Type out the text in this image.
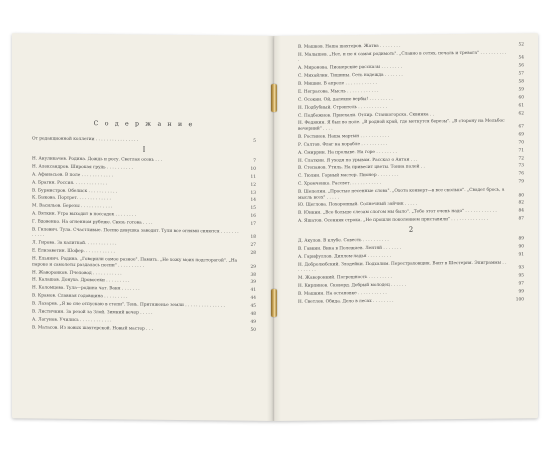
С о д е р ж а н и е
От редакционной коллегии . . . . . . . . . . . . . . . .	5
I
Н. Ануликачев. Родина. Дождь и росу. Светлая осень . . .	7
Н. Александров. Широкая грудь . . . . . . . . . .	10
А. Афанасьев. В поле . . . . . . . . . . . .	11
А. Брагин. Россия. . . . . . . . . . . . .	12
В. Бурмистров. Обелиск . . . . . . . . . . .	13
К. Быкова. Портрет. . . . . . . . . . . . .	14
М. Васильев. Березы . . . . . . . . . . . .	15
А. Вяткин. Утро выходит в поссадок . . . . . . . .	16
Г. Вдовенко. На огненном рубеже. Связь готова . . . .	17
В. Гилевич. Тула. Счастливые. Песню девушка заводит. Тули все огнями сияются . . . . . . . . . . . .	18
Л. Гирова. За калиткой. . . . . . . . . . . .	27
Е. Елизаветин. Шофер. . . . . . . . . . . .	28
Н. Ельянич. Родина. „Говорили самое разное". Память. „Не хожу моих подсторогой". „На пароке и самолеты раздалась песни" . . . . . . . . . .	29
Н. Жаворонков. Пчеловод . . . . . . . . . . .	38
Н. Калашов. Донуха. Дровосеки . . . . . . . . .	39
Н. Коломцева. Тула—родина чат. Ваня . . . . . . .	41
В. Крамов. Славная годовщина . . . . . . . . .	44
В. Лазарев. „Я во сне отпускаю в степи". Тень. Притяженье земли . . . . . . . . . . . . . . .	45
В. Листичкин. За резой за Злой. Зимний вечер . . . . .	48
А. Логунов. Учились . . . . . . . . . . . .	49
В. Матасов. Из новых шахтерской. Новый мастер . . .	50
В. Машков. Наша шахтеров. Жатва . . . . . . . .	52
Н. Малышев. „Нет, и не я самая родимоть". „Славно в сетях, печаль и тревога" . . . . . . . . . . .	54
А. Миронова. Пионерские рассказы . . . . . . . .	56
С. Михайлин. Тишины. Сеть надежда . . . . . . .	57
В. Мишин. В апреле . . . . . . . . . . . .	58
Е. Неграсова. Мысль . . . . . . . . . . . .	59
С. Осокин. Ой, далекие вербы! . . . . . . . . .	60
Н. Подбубный. Строитель . . . . . . . . . . .	61
С. Подбежнов. Приехали. Отлир. Станкогорска. Сквинка . .	62
Н. Федякин. Я был во поле. „В родной край, где меткутся березы". „В сторону на Мельбос вечерний" . . . .	67
В. Ростинов. Наша мартын . . . . . . . . . . .	69
Р. Салтов. Флаг на корабле . . . . . . . . . .	70
А. Смиррин. На пролыве. На горе . . . . . . . .	71
Н. Слаткин. Я уходя по урывам. Рассказ о Антаи . . .	72
В. Степанов. Утиль. На привесит цветы. Тонна полей . .	73
С. Тюлин. Горный мастер. Пионер . . . . . . . .	76
С. Хромченко. Рассвет. . . . . . . . . . . .	79
В. Шепелин. „Простые песенные слова". „Охота конверт—в все сколько". „Свадет брось, а мысль всех" . . . . .	80
Ю. Щеглова. Похоронный. Солнечный зайчик . . . . .	82
В. Юнкин. „Все больше слезам слогом мы было". „Тебе этот очень надо" . . . . . . . . . . . .	84
А. Яшатов. Осенняя строка. „Не прошли поколением приставили" . . . . . . . . . . . . . .	87
2
Д. Акулов. В клубе. Совесть . . . . . . . . . .	89
В. Гавкин. Вика в Полежаев. Лентяй . . . . . . .	90
А. Гарифуллов. Диплом-ладья . . . . . . . . .	91
Н. Добролюбский. Злодейки. Подхалим. Перестраховщик. Вант в Шестерня. Эпиграммы . . . . . . . . .	93
М. Жаворонкий. Погрешность . . . . . . . . .	95
Н. Кирпинов. Сковорд. Добрый молодец . . . . . .	97
В. Машкин. На остановке . . . . . . . . . . .	99
Н. Светлов. Обида. Дело в лесах . . . . . . . .	100
